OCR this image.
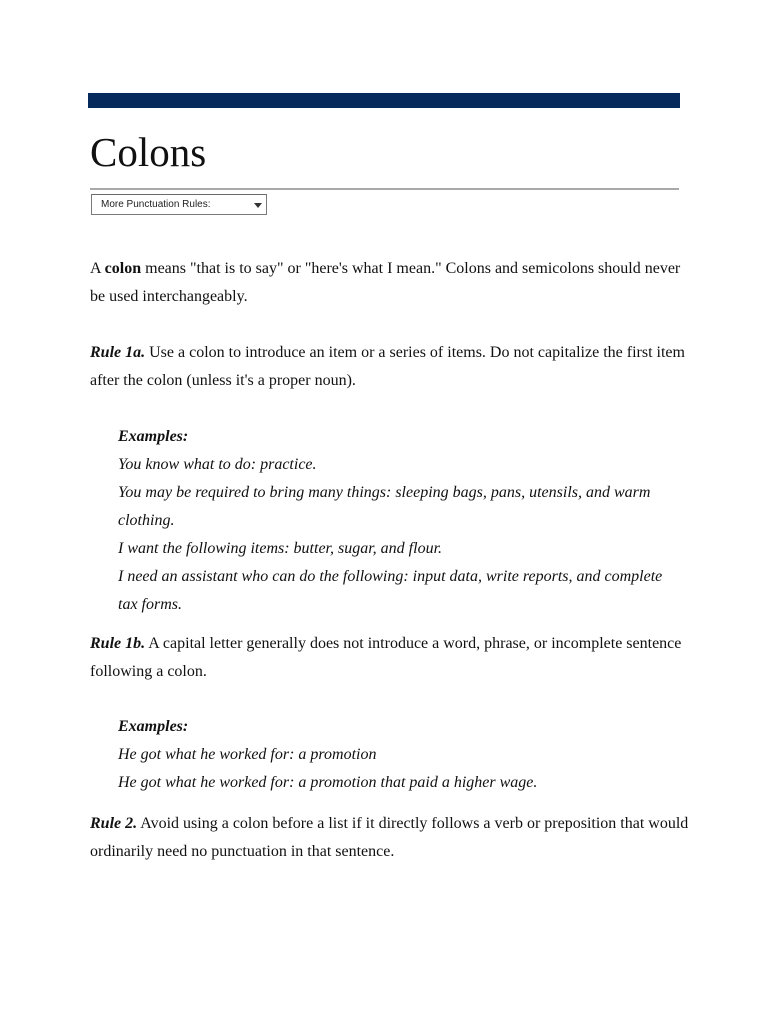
Colons
More Punctuation Rules:

A colon means "that is to say" or "here's what I mean." Colons and semicolons should never be used interchangeably.

Rule 1a. Use a colon to introduce an item or a series of items. Do not capitalize the first item after the colon (unless it's a proper noun).

Examples:
You know what to do: practice.
You may be required to bring many things: sleeping bags, pans, utensils, and warm clothing.
I want the following items: butter, sugar, and flour.
I need an assistant who can do the following: input data, write reports, and complete tax forms.

Rule 1b. A capital letter generally does not introduce a word, phrase, or incomplete sentence following a colon.

Examples:
He got what he worked for: a promotion
He got what he worked for: a promotion that paid a higher wage.

Rule 2. Avoid using a colon before a list if it directly follows a verb or preposition that would ordinarily need no punctuation in that sentence.
